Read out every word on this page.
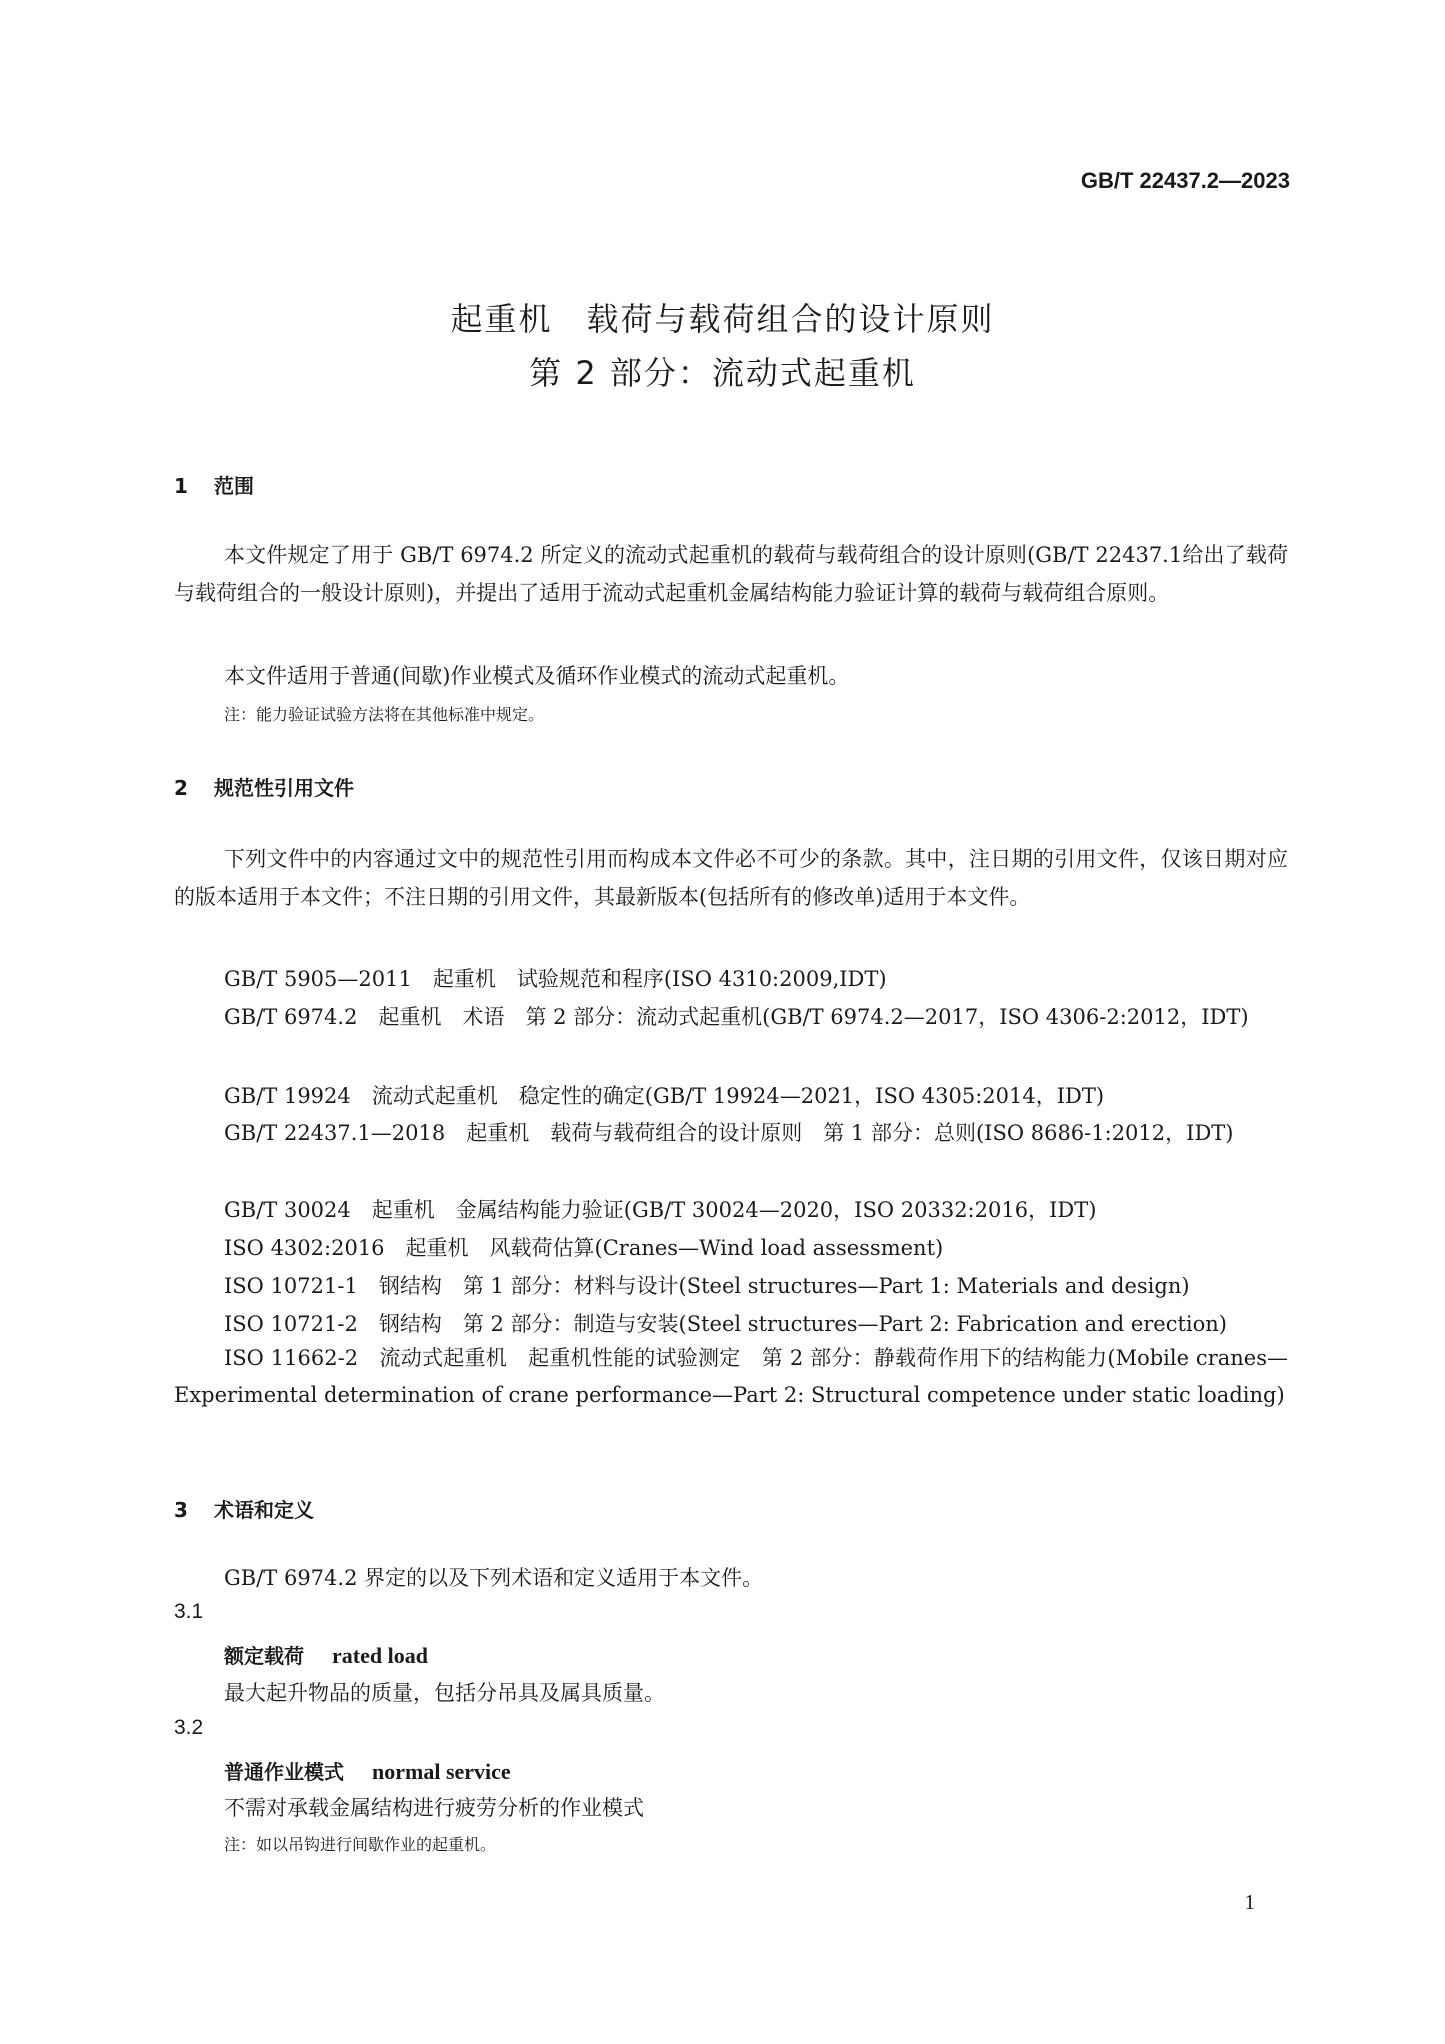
GB/T 22437.2—2023
起重机　载荷与载荷组合的设计原则
第 2 部分：流动式起重机
1 范围
本文件规定了用于 GB/T 6974.2 所定义的流动式起重机的载荷与载荷组合的设计原则(GB/T 22437.1给出了载荷与载荷组合的一般设计原则)，并提出了适用于流动式起重机金属结构能力验证计算的载荷与载荷组合原则。
本文件适用于普通(间歇)作业模式及循环作业模式的流动式起重机。
注：能力验证试验方法将在其他标准中规定。
2 规范性引用文件
下列文件中的内容通过文中的规范性引用而构成本文件必不可少的条款。其中，注日期的引用文件，仅该日期对应的版本适用于本文件；不注日期的引用文件，其最新版本(包括所有的修改单)适用于本文件。
GB/T 5905—2011　起重机　试验规范和程序(ISO 4310:2009,IDT)
GB/T 6974.2　起重机　术语　第 2 部分：流动式起重机(GB/T 6974.2—2017，ISO 4306-2:2012，IDT)
GB/T 19924　流动式起重机　稳定性的确定(GB/T 19924—2021，ISO 4305:2014，IDT)
GB/T 22437.1—2018　起重机　载荷与载荷组合的设计原则　第 1 部分：总则(ISO 8686-1:2012，IDT)
GB/T 30024　起重机　金属结构能力验证(GB/T 30024—2020，ISO 20332:2016，IDT)
ISO 4302:2016　起重机　风载荷估算(Cranes—Wind load assessment)
ISO 10721-1　钢结构　第 1 部分：材料与设计(Steel structures—Part 1: Materials and design)
ISO 10721-2　钢结构　第 2 部分：制造与安装(Steel structures—Part 2: Fabrication and erection)
ISO 11662-2　流动式起重机　起重机性能的试验测定　第 2 部分：静载荷作用下的结构能力(Mobile cranes—Experimental determination of crane performance—Part 2: Structural competence under static loading)
3 术语和定义
GB/T 6974.2 界定的以及下列术语和定义适用于本文件。
3.1
额定载荷 rated load
最大起升物品的质量，包括分吊具及属具质量。
3.2
普通作业模式 normal service
不需对承载金属结构进行疲劳分析的作业模式
注：如以吊钩进行间歇作业的起重机。
1
